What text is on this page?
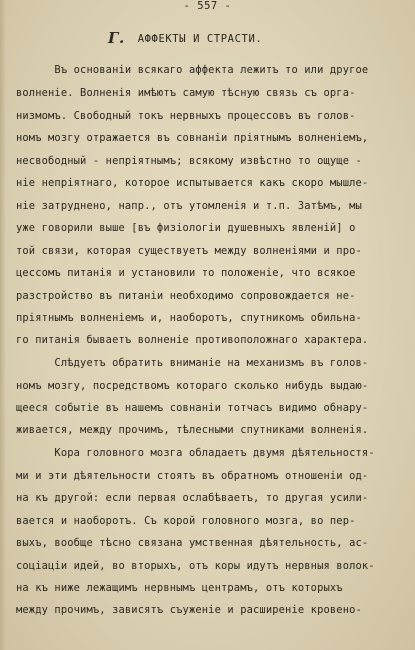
- 557 -
Г. АФФЕКТЫ И СТРАСТИ.
Въ основаніи всякаго аффекта лежитъ то или другое
волненіе. Волненія имѣютъ самую тѣсную связь съ орга-
низмомъ. Свободный токъ нервныхъ процессовъ въ голов-
номъ мозгу отражается въ совнаніи пріятнымъ волненіемъ,
несвободный - непріятнымъ; всякому извѣстно то ощуще -
ніе непріятнаго, которое испытывается какъ скоро мышле-
ніе затруднено, напр., отъ утомленія и т.п. Затѣмъ, мы
уже говорили выше [въ физіологіи душевныхъ явленій] о
той связи, которая существуетъ между волненіями и про-
цессомъ питанія и установили то положеніе, что всякое
разстройство въ питаніи необходимо сопровождается не-
пріятнымъ волненіемъ и, наоборотъ, спутникомъ обильна-
го питанія бываетъ волненіе противоположнаго характера.
Слѣдуетъ обратить вниманіе на механизмъ въ голов-
номъ мозгу, посредствомъ котораго сколько нибудь выдаю-
щееся событіе въ нашемъ совнаніи тотчасъ видимо обнару-
живается, между прочимъ, тѣлесными спутниками волненія.
Кора головного мозга обладаетъ двумя дѣятельностя-
ми и эти дѣятельности стоятъ въ обратномъ отношеніи од-
на къ другой: если первая ослабѣваетъ, то другая усили-
вается и наоборотъ. Съ корой головного мозга, во пер-
выхъ, вообще тѣсно связана умственная дѣятельность, ас-
соціаціи идей, во вторыхъ, отъ коры идутъ нервныя волок-
на къ ниже лежащимъ нервнымъ центрамъ, отъ которыхъ
между прочимъ, зависятъ съуженіе и расширеніе кровено-
